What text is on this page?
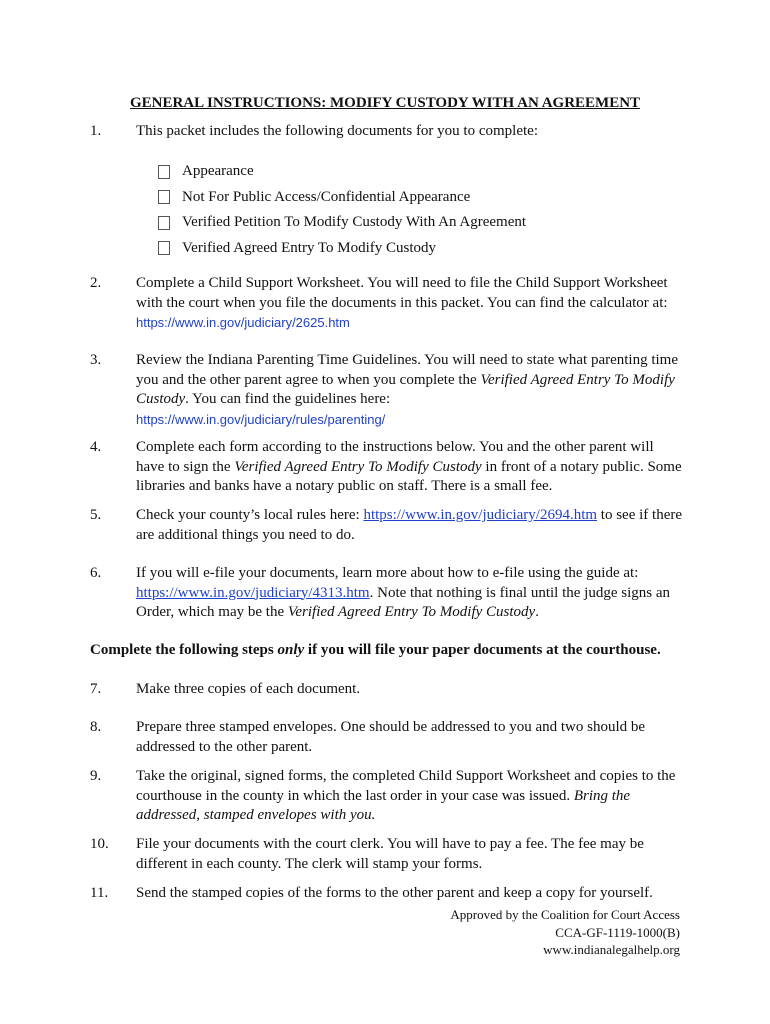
GENERAL INSTRUCTIONS: MODIFY CUSTODY WITH AN AGREEMENT
1. This packet includes the following documents for you to complete:
Appearance
Not For Public Access/Confidential Appearance
Verified Petition To Modify Custody With An Agreement
Verified Agreed Entry To Modify Custody
2. Complete a Child Support Worksheet. You will need to file the Child Support Worksheet with the court when you file the documents in this packet. You can find the calculator at: https://www.in.gov/judiciary/2625.htm
3. Review the Indiana Parenting Time Guidelines. You will need to state what parenting time you and the other parent agree to when you complete the Verified Agreed Entry To Modify Custody. You can find the guidelines here:
https://www.in.gov/judiciary/rules/parenting/
4. Complete each form according to the instructions below. You and the other parent will have to sign the Verified Agreed Entry To Modify Custody in front of a notary public. Some libraries and banks have a notary public on staff. There is a small fee.
5. Check your county’s local rules here: https://www.in.gov/judiciary/2694.htm to see if there are additional things you need to do.
6. If you will e-file your documents, learn more about how to e-file using the guide at: https://www.in.gov/judiciary/4313.htm. Note that nothing is final until the judge signs an Order, which may be the Verified Agreed Entry To Modify Custody.
Complete the following steps only if you will file your paper documents at the courthouse.
7. Make three copies of each document.
8. Prepare three stamped envelopes. One should be addressed to you and two should be addressed to the other parent.
9. Take the original, signed forms, the completed Child Support Worksheet and copies to the courthouse in the county in which the last order in your case was issued. Bring the addressed, stamped envelopes with you.
10. File your documents with the court clerk. You will have to pay a fee. The fee may be different in each county. The clerk will stamp your forms.
11. Send the stamped copies of the forms to the other parent and keep a copy for yourself.
Approved by the Coalition for Court Access
CCA-GF-1119-1000(B)
www.indianalegalhelp.org
